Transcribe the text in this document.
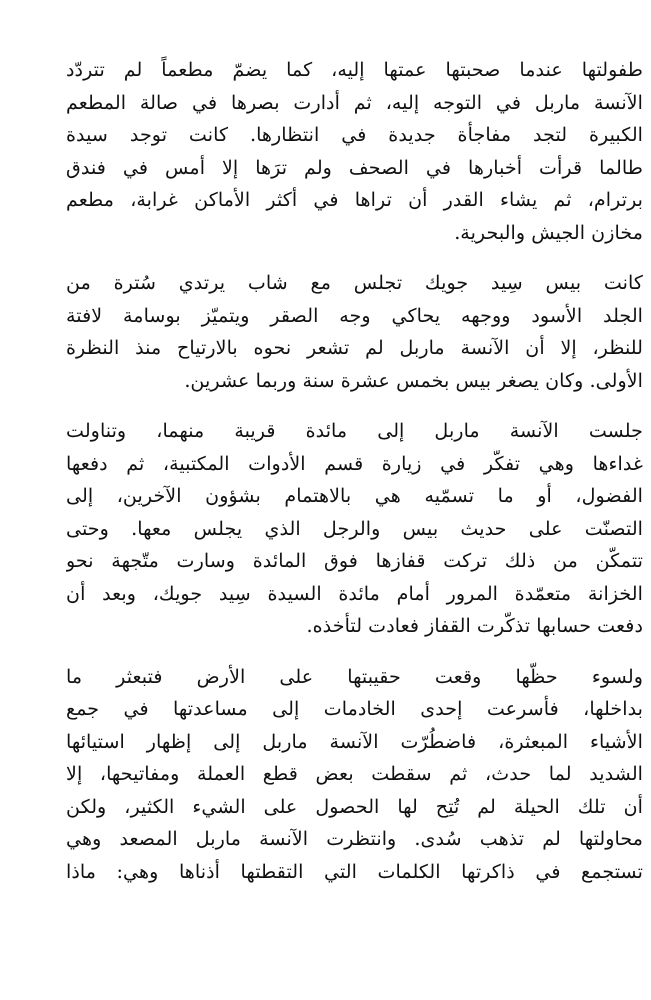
طفولتها عندما صحبتها عمتها إليه، كما يضمّ مطعماً لم تتردّد
الآنسة ماربل في التوجه إليه، ثم أدارت بصرها في صالة المطعم
الكبيرة لتجد مفاجأة جديدة في انتظارها. كانت توجد سيدة
طالما قرأت أخبارها في الصحف ولم ترَها إلا أمس في فندق
برترام، ثم يشاء القدر أن تراها في أكثر الأماكن غرابة، مطعم
مخازن الجيش والبحرية.

كانت بيس سِيد جويك تجلس مع شاب يرتدي سُترة من
الجلد الأسود ووجهه يحاكي وجه الصقر ويتميّز بوسامة لافتة
للنظر، إلا أن الآنسة ماربل لم تشعر نحوه بالارتياح منذ النظرة
الأولى. وكان يصغر بيس بخمس عشرة سنة وربما عشرين.

جلست الآنسة ماربل إلى مائدة قريبة منهما، وتناولت
غداءها وهي تفكّر في زيارة قسم الأدوات المكتبية، ثم دفعها
الفضول، أو ما تسمّيه هي بالاهتمام بشؤون الآخرين، إلى
التصنّت على حديث بيس والرجل الذي يجلس معها. وحتى
تتمكّن من ذلك تركت قفازها فوق المائدة وسارت متّجهة نحو
الخزانة متعمّدة المرور أمام مائدة السيدة سِيد جويك، وبعد أن
دفعت حسابها تذكّرت القفاز فعادت لتأخذه.

ولسوء حظّها وقعت حقيبتها على الأرض فتبعثر ما
بداخلها، فأسرعت إحدى الخادمات إلى مساعدتها في جمع
الأشياء المبعثرة، فاضطُرّت الآنسة ماربل إلى إظهار استيائها
الشديد لما حدث، ثم سقطت بعض قطع العملة ومفاتيحها، إلا
أن تلك الحيلة لم تُتِح لها الحصول على الشيء الكثير، ولكن
محاولتها لم تذهب سُدى. وانتظرت الآنسة ماربل المصعد وهي
تستجمع في ذاكرتها الكلمات التي التقطتها أذناها وهي: ماذا
